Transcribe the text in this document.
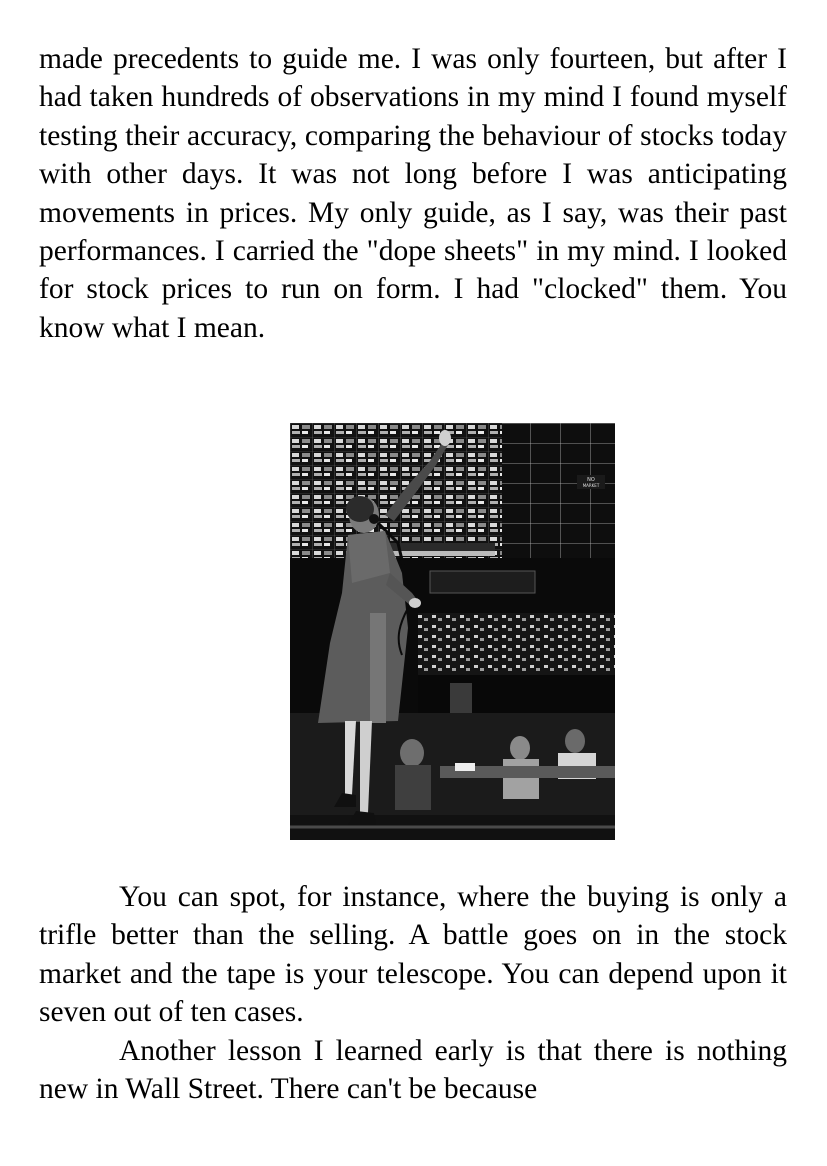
made precedents to guide me. I was only fourteen, but after I had taken hundreds of observations in my mind I found myself testing their accuracy, comparing the behaviour of stocks today with other days. It was not long before I was anticipating movements in prices. My only guide, as I say, was their past performances. I carried the "dope sheets" in my mind. I looked for stock prices to run on form. I had "clocked" them. You know what I mean.

NO
MARKET

You can spot, for instance, where the buying is only a trifle better than the selling. A battle goes on in the stock market and the tape is your telescope. You can depend upon it seven out of ten cases.

Another lesson I learned early is that there is nothing new in Wall Street. There can't be because
